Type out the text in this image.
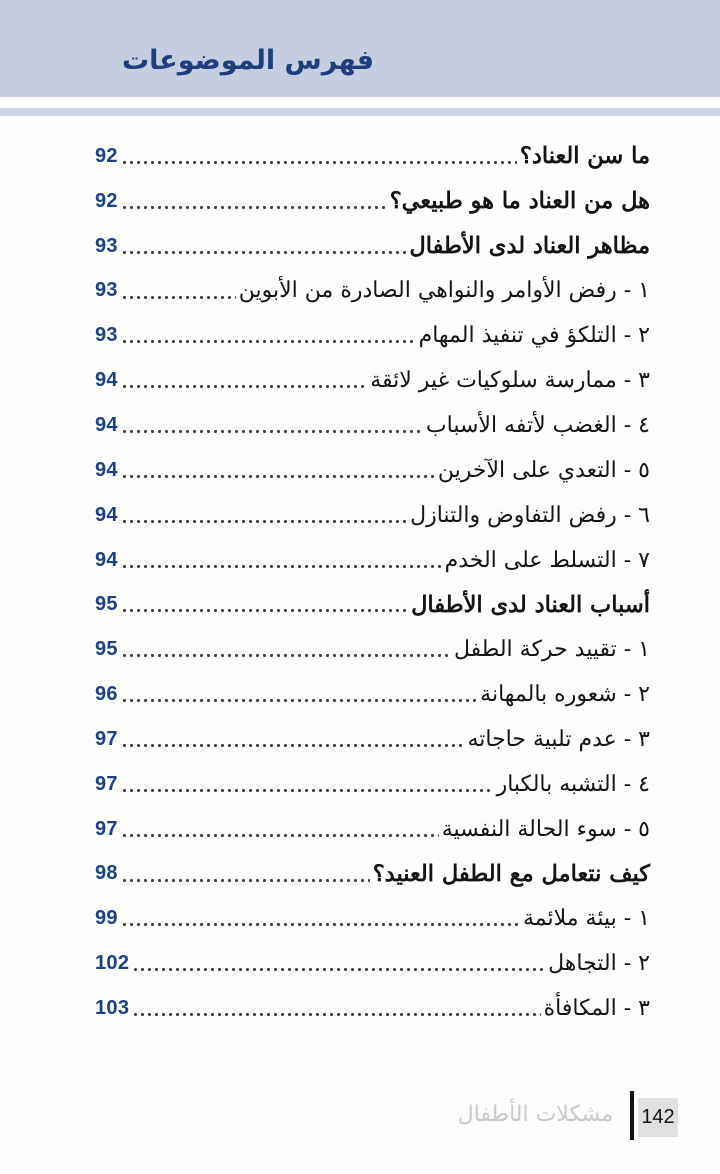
فهرس الموضوعات
92	ما سن العناد؟
92	هل من العناد ما هو طبيعي؟
93	مظاهر العناد لدى الأطفال
93	١ - رفض الأوامر والنواهي الصادرة من الأبوين
93	٢ - التلكؤ في تنفيذ المهام
94	٣ - ممارسة سلوكيات غير لائقة
94	٤ - الغضب لأتفه الأسباب
94	٥ - التعدي على الآخرين
94	٦ - رفض التفاوض والتنازل
94	٧ - التسلط على الخدم
95	أسباب العناد لدى الأطفال
95	١ - تقييد حركة الطفل
96	٢ - شعوره بالمهانة
97	٣ - عدم تلبية حاجاته
97	٤ - التشبه بالكبار
97	٥ - سوء الحالة النفسية
98	كيف نتعامل مع الطفل العنيد؟
99	١ - بيئة ملائمة
102	٢ - التجاهل
103	٣ - المكافأة
مشكلات الأطفال 142
